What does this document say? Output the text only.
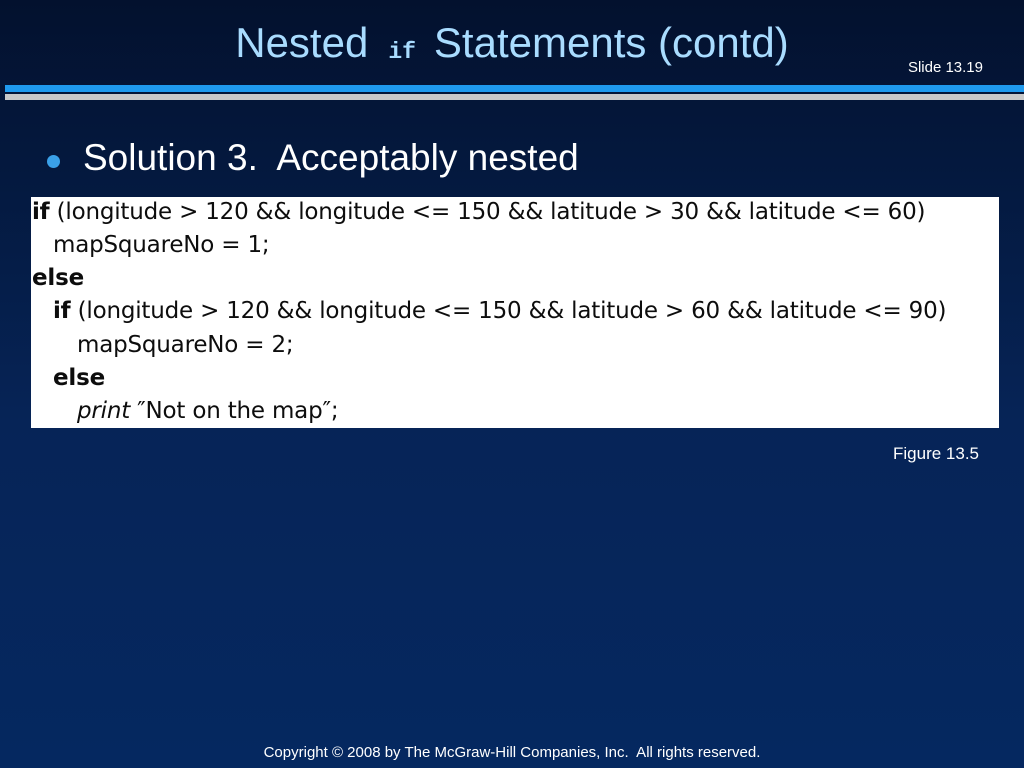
Nested if Statements (contd)
Slide 13.19
Solution 3.  Acceptably nested
if (longitude > 120 && longitude <= 150 && latitude > 30 && latitude <= 60)
mapSquareNo = 1;
else
if (longitude > 120 && longitude <= 150 && latitude > 60 && latitude <= 90)
mapSquareNo = 2;
else
print ″Not on the map″;
Figure 13.5
Copyright © 2008 by The McGraw-Hill Companies, Inc.  All rights reserved.
